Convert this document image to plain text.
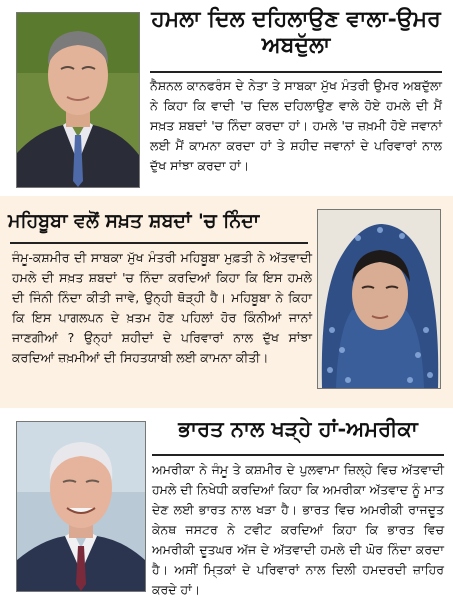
ਹਮਲਾ ਦਿਲ ਦਹਿਲਾਉਣ ਵਾਲਾ-ਉਮਰ ਅਬਦੁੱਲਾ

ਨੈਸ਼ਨਲ ਕਾਨਫਰੰਸ ਦੇ ਨੇਤਾ ਤੇ ਸਾਬਕਾ ਮੁੱਖ ਮੰਤਰੀ ਉਮਰ ਅਬਦੁੱਲਾ ਨੇ ਕਿਹਾ ਕਿ ਵਾਦੀ 'ਚ ਦਿਲ ਦਹਿਲਾਉਣ ਵਾਲੇ ਹੋਏ ਹਮਲੇ ਦੀ ਮੈਂ ਸਖ਼ਤ ਸ਼ਬਦਾਂ 'ਚ ਨਿੰਦਾ ਕਰਦਾ ਹਾਂ। ਹਮਲੇ 'ਚ ਜ਼ਖ਼ਮੀ ਹੋਏ ਜਵਾਨਾਂ ਲਈ ਮੈਂ ਕਾਮਨਾ ਕਰਦਾ ਹਾਂ ਤੇ ਸ਼ਹੀਦ ਜਵਾਨਾਂ ਦੇ ਪਰਿਵਾਰਾਂ ਨਾਲ ਦੁੱਖ ਸਾਂਝਾ ਕਰਦਾ ਹਾਂ।

ਮਹਿਬੂਬਾ ਵਲੋਂ ਸਖ਼ਤ ਸ਼ਬਦਾਂ 'ਚ ਨਿੰਦਾ

ਜੰਮੂ-ਕਸ਼ਮੀਰ ਦੀ ਸਾਬਕਾ ਮੁੱਖ ਮੰਤਰੀ ਮਹਿਬੂਬਾ ਮੁਫ਼ਤੀ ਨੇ ਅੱਤਵਾਦੀ ਹਮਲੇ ਦੀ ਸਖ਼ਤ ਸ਼ਬਦਾਂ 'ਚ ਨਿੰਦਾ ਕਰਦਿਆਂ ਕਿਹਾ ਕਿ ਇਸ ਹਮਲੇ ਦੀ ਜਿੰਨੀ ਨਿੰਦਾ ਕੀਤੀ ਜਾਵੇ, ਉਨ੍ਹੀ ਥੋੜ੍ਹੀ ਹੈ। ਮਹਿਬੂਬਾ ਨੇ ਕਿਹਾ ਕਿ ਇਸ ਪਾਗਲਪਨ ਦੇ ਖ਼ਤਮ ਹੋਣ ਪਹਿਲਾਂ ਹੋਰ ਕਿੰਨੀਆਂ ਜਾਨਾਂ ਜਾਣਗੀਆਂ ? ਉਨ੍ਹਾਂ ਸ਼ਹੀਦਾਂ ਦੇ ਪਰਿਵਾਰਾਂ ਨਾਲ ਦੁੱਖ ਸਾਂਝਾ ਕਰਦਿਆਂ ਜ਼ਖ਼ਮੀਆਂ ਦੀ ਸਿਹਤਯਾਬੀ ਲਈ ਕਾਮਨਾ ਕੀਤੀ।

ਭਾਰਤ ਨਾਲ ਖੜ੍ਹੇ ਹਾਂ-ਅਮਰੀਕਾ

ਅਮਰੀਕਾ ਨੇ ਜੰਮੂ ਤੇ ਕਸ਼ਮੀਰ ਦੇ ਪੁਲਵਾਮਾ ਜ਼ਿਲ੍ਹੇ ਵਿਚ ਅੱਤਵਾਦੀ ਹਮਲੇ ਦੀ ਨਿਖੇਧੀ ਕਰਦਿਆਂ ਕਿਹਾ ਕਿ ਅਮਰੀਕਾ ਅੱਤਵਾਦ ਨੂੰ ਮਾਤ ਦੇਣ ਲਈ ਭਾਰਤ ਨਾਲ ਖੜਾ ਹੈ। ਭਾਰਤ ਵਿਚ ਅਮਰੀਕੀ ਰਾਜਦੂਤ ਕੇਨਥ ਜਸਟਰ ਨੇ ਟਵੀਟ ਕਰਦਿਆਂ ਕਿਹਾ ਕਿ ਭਾਰਤ ਵਿਚ ਅਮਰੀਕੀ ਦੂਤਘਰ ਅੱਜ ਦੇ ਅੱਤਵਾਦੀ ਹਮਲੇ ਦੀ ਘੋਰ ਨਿੰਦਾ ਕਰਦਾ ਹੈ। ਅਸੀਂ ਮਿ੍ਤਕਾਂ ਦੇ ਪਰਿਵਾਰਾਂ ਨਾਲ ਦਿਲੀ ਹਮਦਰਦੀ ਜ਼ਾਹਿਰ ਕਰਦੇ ਹਾਂ।
